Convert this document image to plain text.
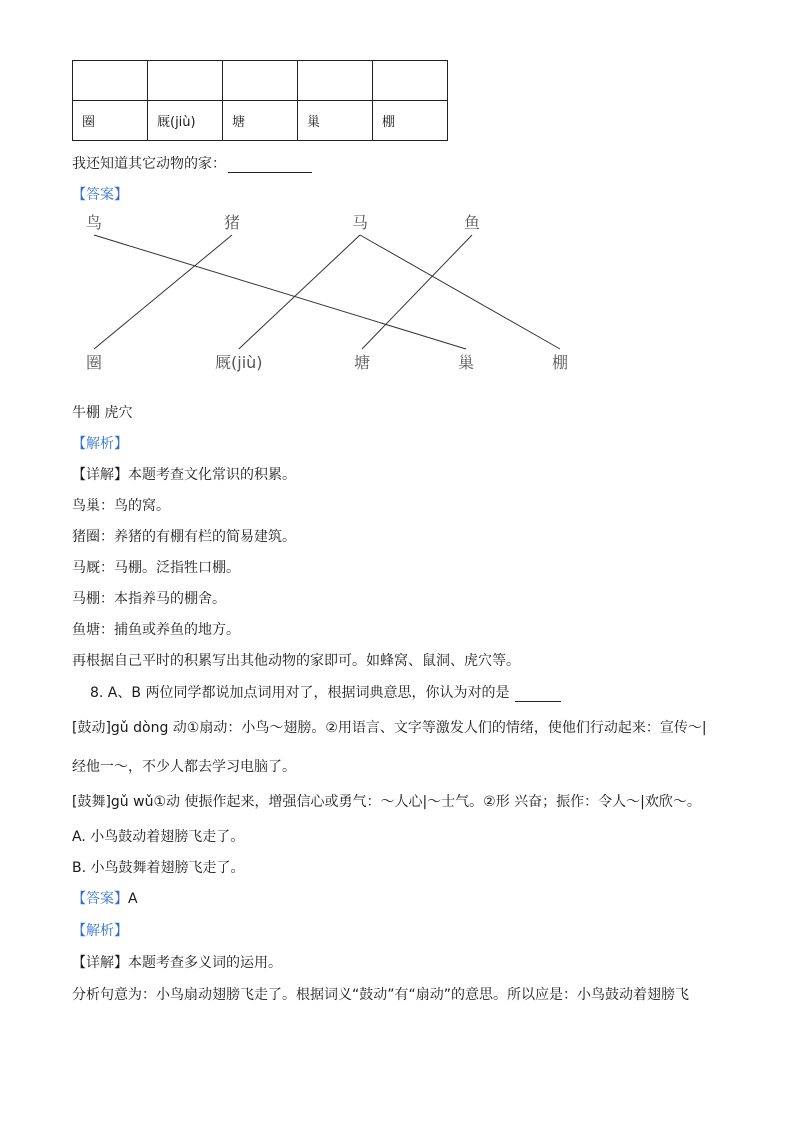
圈	厩(jiù)	塘	巢	棚
我还知道其它动物的家：
【答案】
鸟	猪	马	鱼
圈	厩(jiù)	塘	巢	棚
牛棚 虎穴
【解析】
【详解】本题考查文化常识的积累。
鸟巢：鸟的窝。
猪圈：养猪的有棚有栏的简易建筑。
马厩：马棚。泛指牲口棚。
马棚：本指养马的棚舍。
鱼塘：捕鱼或养鱼的地方。
再根据自己平时的积累写出其他动物的家即可。如蜂窝、鼠洞、虎穴等。
8. A、B 两位同学都说加点词用对了，根据词典意思，你认为对的是
[鼓动]gǔ dòng 动①扇动：小鸟～翅膀。②用语言、文字等激发人们的情绪，使他们行动起来：宣传～|
经他一～，不少人都去学习电脑了。
[鼓舞]gǔ wǔ①动 使振作起来，增强信心或勇气：～人心|～士气。②形 兴奋；振作：令人～|欢欣～。
A. 小鸟鼓动着翅膀飞走了。
B. 小鸟鼓舞着翅膀飞走了。
【答案】A
【解析】
【详解】本题考查多义词的运用。
分析句意为：小鸟扇动翅膀飞走了。根据词义“鼓动”有“扇动”的意思。所以应是：小鸟鼓动着翅膀飞
